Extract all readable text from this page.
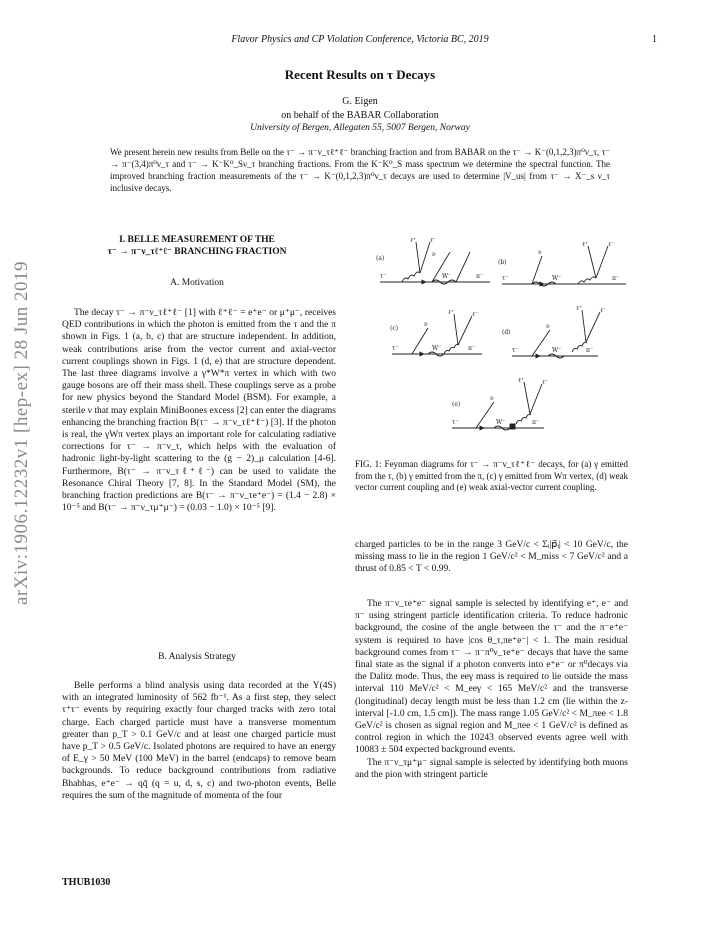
Flavor Physics and CP Violation Conference, Victoria BC, 2019	1
arXiv:1906.12232v1 [hep-ex] 28 Jun 2019
Recent Results on τ Decays
G. Eigen
on behalf of the BABAR Collaboration
University of Bergen, Allegaten 55, 5007 Bergen, Norway
We present herein new results from Belle on the τ⁻ → π⁻ν_τℓ⁺ℓ⁻ branching fraction and from BABAR on the τ⁻ → K⁻(0,1,2,3)π⁰ν_τ, τ⁻ → π⁻(3,4)π⁰ν_τ and τ⁻ → K⁻K⁰_Sν_τ branching fractions. From the K⁻K⁰_S mass spectrum we determine the spectral function. The improved branching fraction measurements of the τ⁻ → K⁻(0,1,2,3)π⁰ν_τ decays are used to determine |V_us| from τ⁻ → X⁻_s ν_τ inclusive decays.
I. BELLE MEASUREMENT OF THE
τ⁻ → π⁻ν_τℓ⁺ℓ⁻ BRANCHING FRACTION
A. Motivation

The decay τ⁻ → π⁻ν_τℓ⁺ℓ⁻ [1] with ℓ⁺ℓ⁻ = e⁺e⁻ or μ⁺μ⁻, receives QED contributions in which the photon is emitted from the τ and the π shown in Figs. 1 (a, b, c) that are structure independent. In addition, weak contributions arise from the vector current and axial-vector current couplings shown in Figs. 1 (d, e) that are structure dependent. The last three diagrams involve a γ*W*π vertex in which with two gauge bosons are off their mass shell. These couplings serve as a probe for new physics beyond the Standard Model (BSM). For example, a sterile ν that may explain MiniBoones excess [2] can enter the diagrams enhancing the branching fraction B(τ⁻ → π⁻ν_τℓ⁺ℓ⁻) [3]. If the photon is real, the γWπ vertex plays an important role for calculating radiative corrections for τ⁻ → π⁻ν_τ, which helps with the evaluation of hadronic light-by-light scattering to the (g − 2)_μ calculation [4-6]. Furthermore, B(τ⁻ → π⁻ν_τℓ⁺ℓ⁻) can be used to validate the Resonance Chiral Theory [7, 8]. In the Standard Model (SM), the branching fraction predictions are B(τ⁻ → π⁻ν_τe⁺e⁻) = (1.4 − 2.8) × 10⁻⁵ and B(τ⁻ → π⁻ν_τμ⁺μ⁻) = (0.03 − 1.0) × 10⁻⁵ [9].

B. Analysis Strategy

Belle performs a blind analysis using data recorded at the Υ(4S) with an integrated luminosity of 562 fb⁻¹. As a first step, they select τ⁺τ⁻ events by requiring exactly four charged tracks with zero total charge. Each charged particle must have a transverse momentum greater than p_T > 0.1 GeV/c and at least one charged particle must have p_T > 0.5 GeV/c. Isolated photons are required to have an energy of E_γ > 50 MeV (100 MeV) in the barrel (endcaps) to remove beam backgrounds. To reduce background contributions from radiative Bhabhas, e⁺e⁻ → qq̄ (q = u, d, s, c) and two-photon events, Belle requires the sum of the magnitude of momenta of the four

(a)
(b)
(c)
(d)
(e)
τ⁻	π⁻
W⁻
ν
ℓ⁺ ℓ⁻
τ⁻	π⁻
W⁻
ν
ℓ⁺	ℓ⁻
τ⁻	π⁻
W⁻
ν
ℓ⁺	ℓ⁻
τ⁻	π⁻
W⁻
ν
ℓ⁺	ℓ⁻
τ⁻	π⁻
W⁻
ν
ℓ⁺	ℓ⁻
FIG. 1: Feynman diagrams for τ⁻ → π⁻ν_τℓ⁺ℓ⁻ decays, for (a) γ emitted from the τ, (b) γ emitted from the π, (c) γ emitted from Wπ vertex, (d) weak vector current coupling and (e) weak axial-vector current coupling.
charged particles to be in the range 3 GeV/c < Σᵢ|p⃗ᵢ| < 10 GeV/c, the missing mass to lie in the region 1 GeV/c² < M_miss < 7 GeV/c² and a thrust of 0.85 < T < 0.99.

The π⁻ν_τe⁺e⁻ signal sample is selected by identifying e⁺, e⁻ and π⁻ using stringent particle identification criteria. To reduce hadronic background, the cosine of the angle between the τ⁻ and the π⁻e⁺e⁻ system is required to have |cos θ_τ,πe⁺e⁻| < 1. The main residual background comes from τ⁻ → π⁻π⁰ν_τe⁺e⁻ decays that have the same final state as the signal if a photon converts into e⁺e⁻ or π⁰decays via the Dalitz mode. Thus, the eeγ mass is required to lie outside the mass interval 110 MeV/c² < M_eeγ < 165 MeV/c² and the transverse (longitudinal) decay length must be less than 1.2 cm (lie within the z-interval [-1.0 cm, 1.5 cm]). The mass range 1.05 GeV/c² < M_πee < 1.8 GeV/c² is chosen as signal region and M_πee < 1 GeV/c² is defined as control region in which the 10243 observed events agree well with 10083 ± 504 expected background events.

The π⁻ν_τμ⁺μ⁻ signal sample is selected by identifying both muons and the pion with stringent particle

THUB1030
